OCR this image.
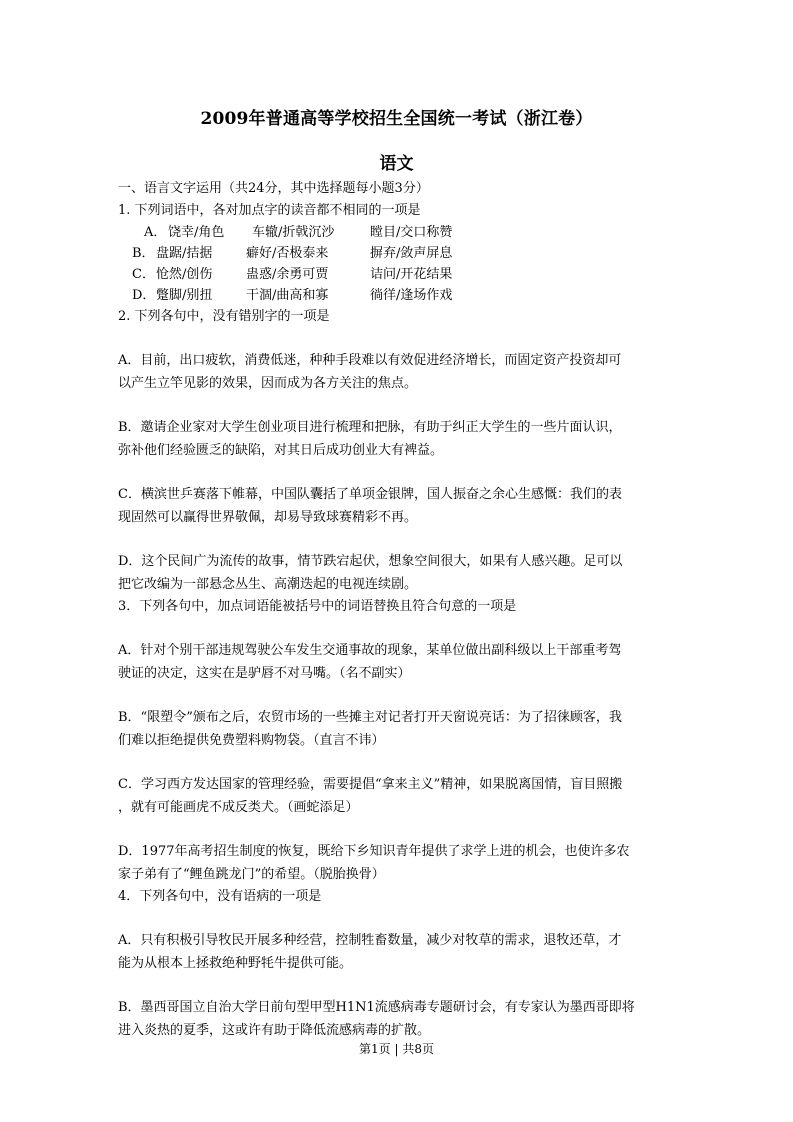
2009年普通高等学校招生全国统一考试（浙江卷）
语文
一、语言文字运用（共24分，其中选择题每小题3分）
1. 下列词语中，各对加点字的读音都不相同的一项是
A． 饶幸/角色	车辙/折戟沉沙	瞠目/交口称赞
B． 盘踞/拮据	癖好/否极泰来	摒弃/敛声屏息
C． 怆然/创伤	蛊惑/余勇可贾	诘问/开花结果
D． 蹩脚/别扭	干涸/曲高和寡	徜徉/逢场作戏
2. 下列各句中，没有错别字的一项是
A．目前，出口疲软，消费低迷，种种手段难以有效促进经济增长，而固定资产投资却可
以产生立竿见影的效果，因而成为各方关注的焦点。
B．邀请企业家对大学生创业项目进行梳理和把脉，有助于纠正大学生的一些片面认识，
弥补他们经验匮乏的缺陷，对其日后成功创业大有裨益。
C．横滨世乒赛落下帷幕，中国队囊括了单项金银牌，国人振奋之余心生感慨：我们的表
现固然可以赢得世界敬佩，却易导致球赛精彩不再。
D．这个民间广为流传的故事，情节跌宕起伏，想象空间很大，如果有人感兴趣。足可以
把它改编为一部悬念丛生、高潮迭起的电视连续剧。
3．下列各句中，加点词语能被括号中的词语替换且符合句意的一项是
A．针对个别干部违规驾驶公车发生交通事故的现象，某单位做出副科级以上干部重考驾
驶证的决定，这实在是驴唇不对马嘴。（名不副实）
B．“限塑令”颁布之后，农贸市场的一些摊主对记者打开天窗说亮话：为了招徕顾客，我
们难以拒绝提供免费塑料购物袋。（直言不讳）
C．学习西方发达国家的管理经验，需要提倡“拿来主义”精神，如果脱离国情，盲目照搬
，就有可能画虎不成反类犬。（画蛇添足）
D．1977年高考招生制度的恢复，既给下乡知识青年提供了求学上进的机会，也使许多农
家子弟有了“鲤鱼跳龙门”的希望。（脱胎换骨）
4．下列各句中，没有语病的一项是
A．只有积极引导牧民开展多种经营，控制牲畜数量，减少对牧草的需求，退牧还草，才
能为从根本上拯救绝种野牦牛提供可能。
B．墨西哥国立自治大学日前句型甲型H1N1流感病毒专题研讨会，有专家认为墨西哥即将
进入炎热的夏季，这或许有助于降低流感病毒的扩散。
第1页 | 共8页
